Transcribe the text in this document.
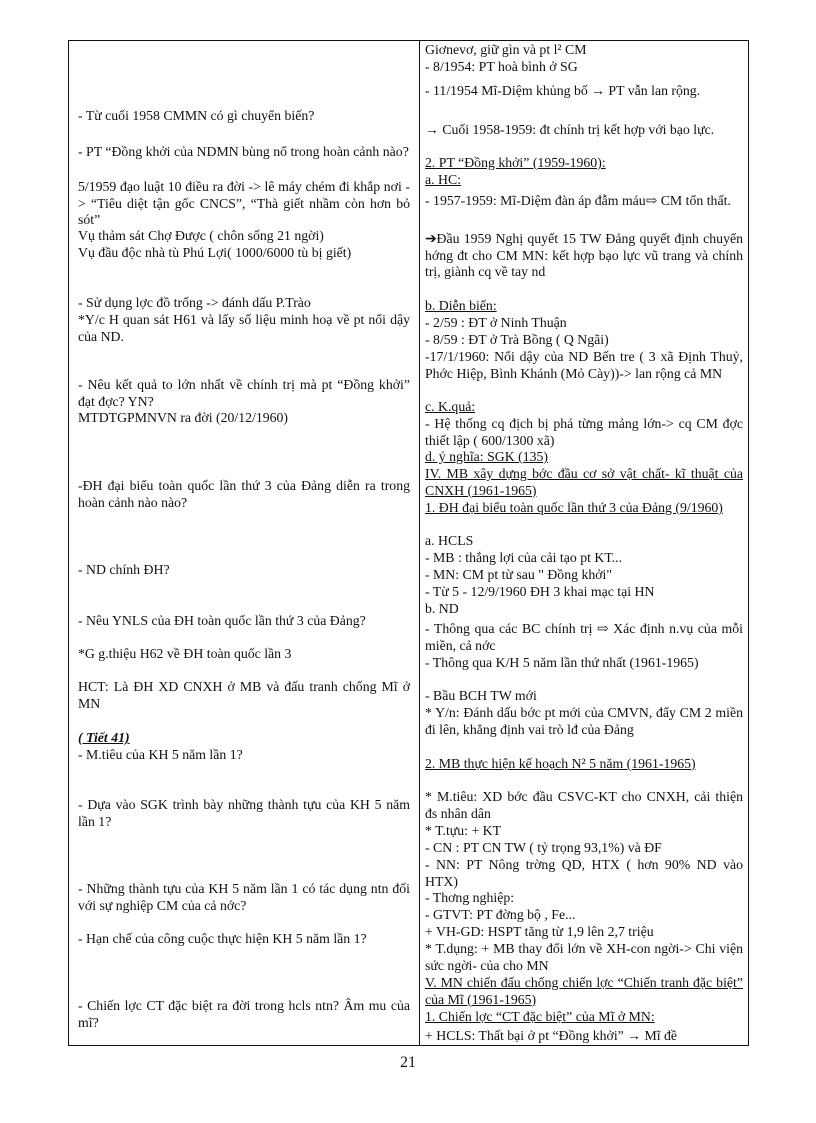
- Từ cuối 1958 CMMN có gì chuyển biến?
- PT “Đồng khởi của NDMN bùng nổ trong hoàn cảnh nào?
5/1959 đạo luật 10 điều ra đời -> lê máy chém đi khắp nơi -> “Tiêu diệt tận gốc CNCS”, “Thà giết nhầm còn hơn bỏ sót”
Vụ thảm sát Chợ Được ( chôn sống 21 ngời)
Vụ đầu độc nhà tù Phú Lợi( 1000/6000 tù bị giết)
- Sử dụng lợc đồ trống -> đánh dấu P.Trào
*Y/c H quan sát H61 và lấy số liệu minh hoạ về pt nổi dậy của ND.
- Nêu kết quả to lớn nhất về chính trị mà pt “Đồng khởi” đạt đợc? YN?
MTDTGPMNVN ra đời (20/12/1960)
-ĐH đại biểu toàn quốc lần thứ 3 của Đảng diễn ra trong hoàn cảnh nào nào?
- ND chính ĐH?
- Nêu YNLS của ĐH toàn quốc lần thứ 3 của Đảng?
*G g.thiệu H62 về ĐH toàn quốc lần 3
HCT: Là ĐH XD CNXH ở MB và đấu tranh chống Mĩ ở MN
( Tiết 41)
- M.tiêu của KH 5 năm lần 1?
- Dựa vào SGK trình bày những thành tựu của KH 5 năm lần 1?
- Những thành tựu của KH 5 năm lần 1 có tác dụng ntn đối với sự nghiệp CM của cả nớc?
- Hạn chế của công cuộc thực hiện KH 5 năm lần 1?
- Chiến lợc CT đặc biệt ra đời trong hcls ntn? Âm mu của mĩ?
Giơnevơ, giữ gìn và pt l² CM
- 8/1954: PT hoà bình ở SG
- 11/1954 Mĩ-Diệm khủng bố → PT vẫn lan rộng.
→ Cuối 1958-1959: đt chính trị kết hợp với bạo lực.
2. PT “Đồng khởi” (1959-1960):
a. HC:
- 1957-1959: Mĩ-Diệm đàn áp đẫm máu⇨ CM tổn thất.
➔Đầu 1959 Nghị quyết 15 TW Đảng quyết định chuyển hớng đt cho CM MN: kết hợp bạo lực vũ trang và chính trị, giành cq về tay nd
b. Diễn biến:
- 2/59 : ĐT ở Ninh Thuận
- 8/59 : ĐT ở Trà Bồng ( Q Ngãi)
-17/1/1960: Nổi dậy của ND Bến tre ( 3 xã Định Thuỷ, Phớc Hiệp, Bình Khánh (Mỏ Cày))-> lan rộng cả MN
c. K.quả:
- Hệ thống cq địch bị phá từng mảng lớn-> cq CM đợc thiết lập ( 600/1300 xã)
d. ý nghĩa: SGK (135)
IV. MB xây dựng bớc đầu cơ sở vật chất- kĩ thuật của CNXH (1961-1965)
1. ĐH đại biểu toàn quốc lần thứ 3 của Đảng (9/1960)
a. HCLS
- MB : thắng lợi của cải tạo pt KT...
- MN: CM pt từ sau " Đồng khởi"
- Từ 5 - 12/9/1960 ĐH 3 khai mạc tại HN
b. ND
- Thông qua các BC chính trị ⇨ Xác định n.vụ của mỗi miền, cả nớc
- Thông qua K/H 5 năm lần thứ nhất (1961-1965)
- Bầu BCH TW mới
* Y/n: Đánh dấu bớc pt mới của CMVN, đẩy CM 2 miền đi lên, khẳng định vai trò lđ của Đảng
2. MB thực hiện kế hoạch N² 5 năm (1961-1965)
* M.tiêu: XD bớc đầu CSVC-KT cho CNXH, cải thiện đs nhân dân
* T.tựu: + KT
- CN : PT CN TW ( tỷ trọng 93,1%) và ĐF
- NN: PT Nông trờng QD, HTX ( hơn 90% ND vào HTX)
- Thơng nghiệp:
- GTVT: PT đờng bộ , Fe...
+ VH-GD: HSPT tăng từ 1,9 lên 2,7 triệu
* T.dụng: + MB thay đổi lớn về XH-con ngời-> Chi viện sức ngời- của cho MN
V. MN chiến đấu chống chiến lợc “Chiến tranh đặc biệt” của Mĩ (1961-1965)
1. Chiến lợc “CT đặc biệt” của Mĩ ở MN:
+ HCLS: Thất bại ở pt “Đồng khởi” → Mĩ đề
21
